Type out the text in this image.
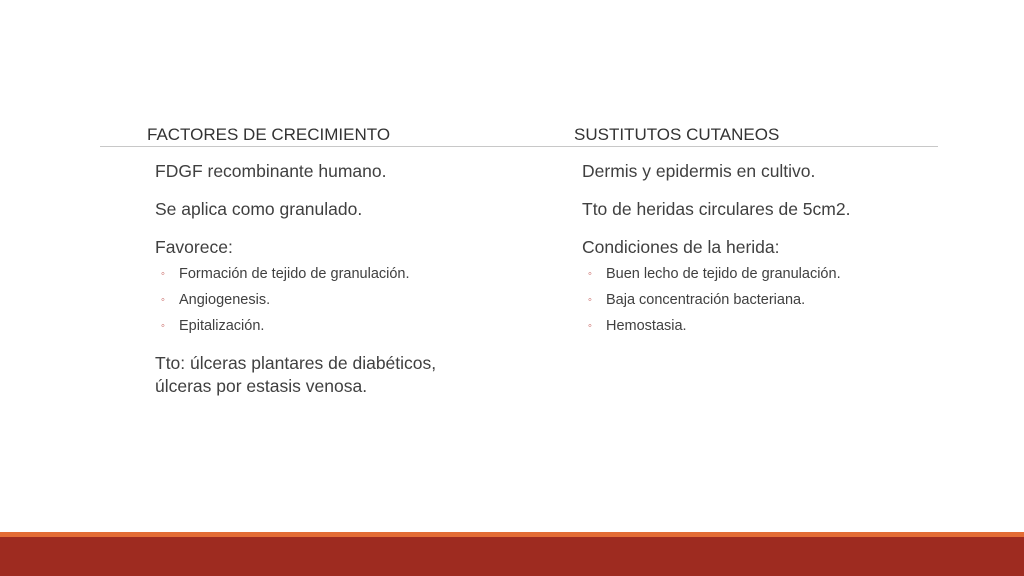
FACTORES DE CRECIMIENTO	SUSTITUTOS CUTANEOS
FDGF recombinante humano.
Se aplica como granulado.
Favorece:
◦ Formación de tejido de granulación.
◦ Angiogenesis.
◦ Epitalización.
Tto: úlceras plantares de diabéticos,
úlceras por estasis venosa.
Dermis y epidermis en cultivo.
Tto de heridas circulares de 5cm2.
Condiciones de la herida:
◦ Buen lecho de tejido de granulación.
◦ Baja concentración bacteriana.
◦ Hemostasia.
